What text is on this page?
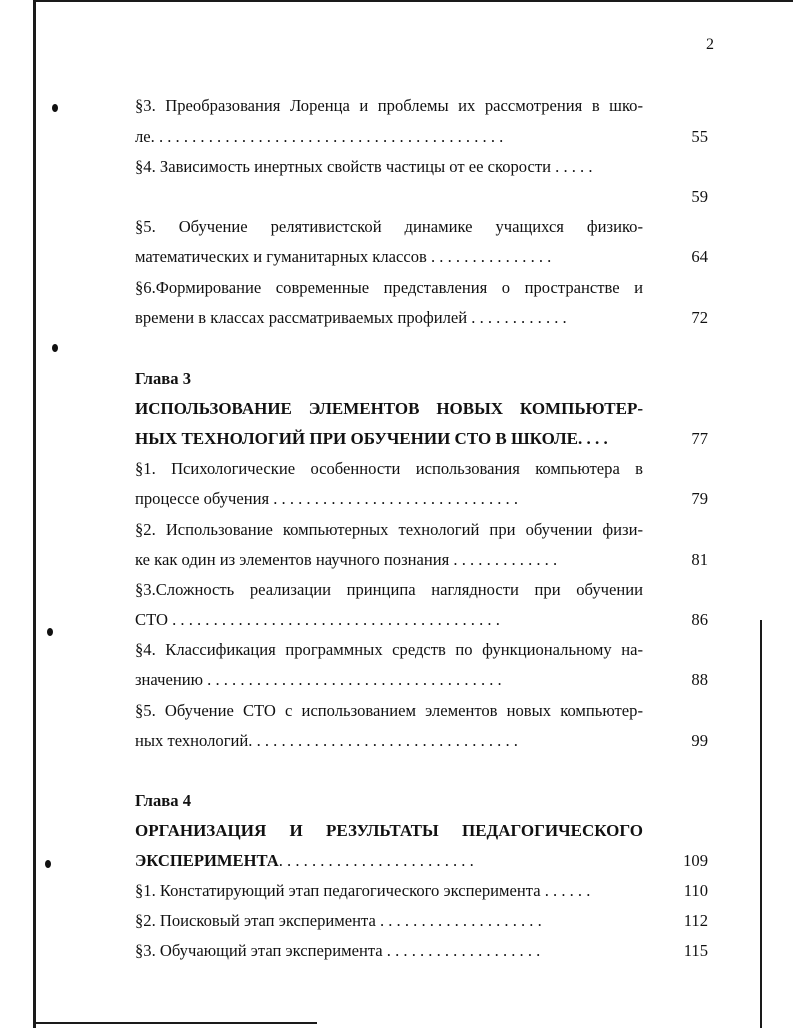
2
§3. Преобразования Лоренца и проблемы их рассмотрения в шко-
ле. . . . . . . . . . . . . . . . . . . . . . . . . . . . . . . . . . . . . . . . . . .	55
§4. Зависимость инертных свойств частицы от ее скорости . . . . .
59
§5. Обучение релятивистской динамике учащихся физико-
математических и гуманитарных классов . . . . . . . . . . . . . . .	64
§6.Формирование современные представления о пространстве и
времени в классах рассматриваемых профилей . . . . . . . . . . . .	72
Глава 3
ИСПОЛЬЗОВАНИЕ ЭЛЕМЕНТОВ НОВЫХ КОМПЬЮТЕР-
НЫХ ТЕХНОЛОГИЙ ПРИ ОБУЧЕНИИ СТО В ШКОЛЕ. . . .	77
§1. Психологические особенности использования компьютера в
процессе обучения . . . . . . . . . . . . . . . . . . . . . . . . . . . . . .	79
§2. Использование компьютерных технологий при обучении физи-
ке как один из элементов научного познания . . . . . . . . . . . . .	81
§3.Сложность реализации принципа наглядности при обучении
СТО . . . . . . . . . . . . . . . . . . . . . . . . . . . . . . . . . . . . . . . .	86
§4. Классификация программных средств по функциональному на-
значению . . . . . . . . . . . . . . . . . . . . . . . . . . . . . . . . . . . .	88
§5. Обучение СТО с использованием элементов новых компьютер-
ных технологий. . . . . . . . . . . . . . . . . . . . . . . . . . . . . . . . .	99
Глава 4
ОРГАНИЗАЦИЯ И РЕЗУЛЬТАТЫ ПЕДАГОГИЧЕСКОГО
ЭКСПЕРИМЕНТА. . . . . . . . . . . . . . . . . . . . . . . .	109
§1. Констатирующий этап педагогического эксперимента . . . . . .	110
§2. Поисковый этап эксперимента . . . . . . . . . . . . . . . . . . . .	112
§3. Обучающий этап эксперимента . . . . . . . . . . . . . . . . . . .	115
